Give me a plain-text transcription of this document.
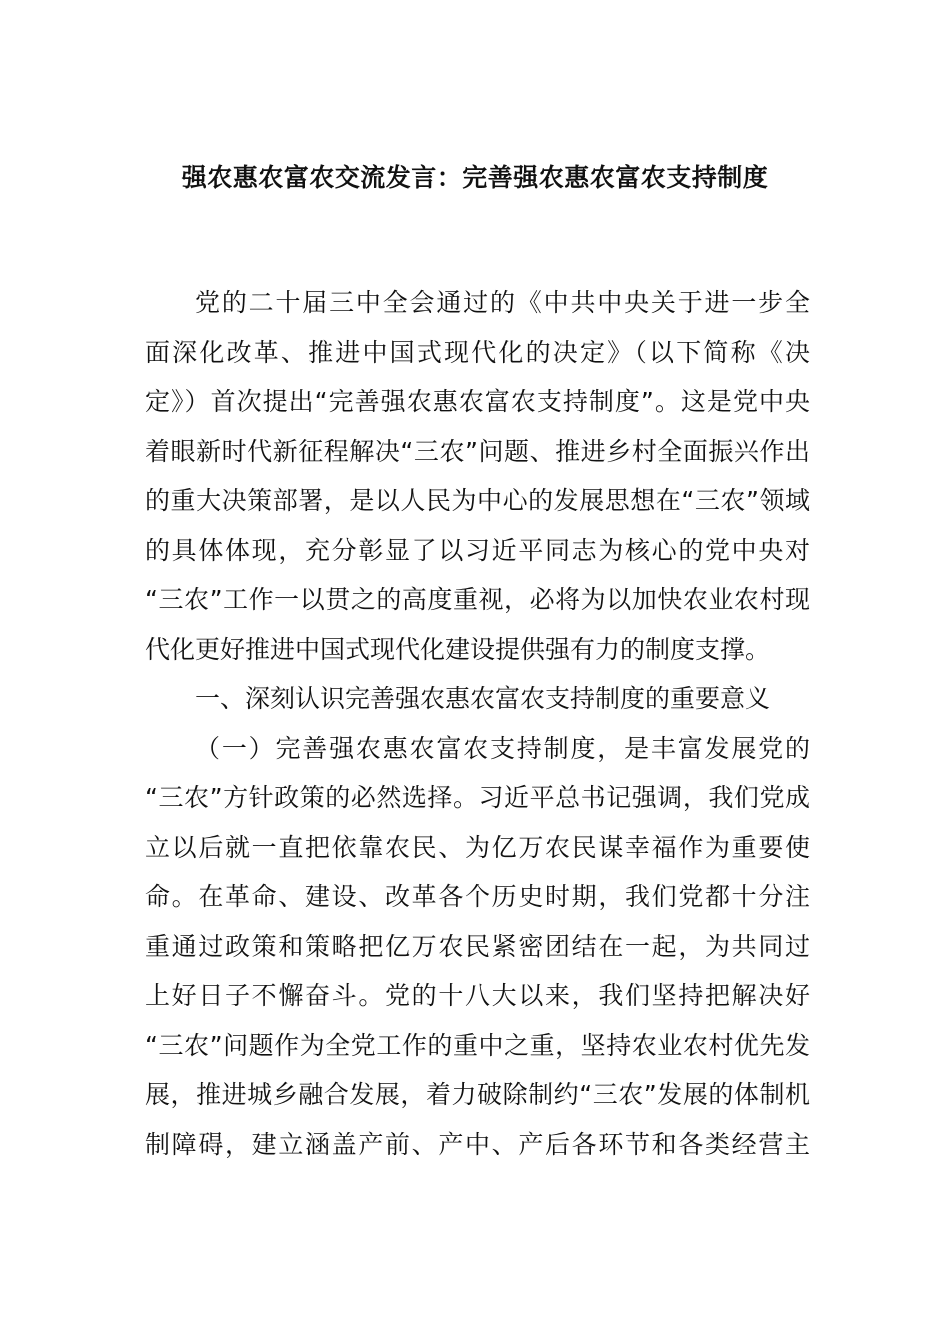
强农惠农富农交流发言：完善强农惠农富农支持制度
党的二十届三中全会通过的《中共中央关于进一步全
面深化改革、推进中国式现代化的决定》（以下简称《决
定》）首次提出“完善强农惠农富农支持制度”。这是党中央
着眼新时代新征程解决“三农”问题、推进乡村全面振兴作出
的重大决策部署，是以人民为中心的发展思想在“三农”领域
的具体体现，充分彰显了以习近平同志为核心的党中央对
“三农”工作一以贯之的高度重视，必将为以加快农业农村现
代化更好推进中国式现代化建设提供强有力的制度支撑。
一、深刻认识完善强农惠农富农支持制度的重要意义
（一）完善强农惠农富农支持制度，是丰富发展党的
“三农”方针政策的必然选择。习近平总书记强调，我们党成
立以后就一直把依靠农民、为亿万农民谋幸福作为重要使
命。在革命、建设、改革各个历史时期，我们党都十分注
重通过政策和策略把亿万农民紧密团结在一起，为共同过
上好日子不懈奋斗。党的十八大以来，我们坚持把解决好
“三农”问题作为全党工作的重中之重，坚持农业农村优先发
展，推进城乡融合发展，着力破除制约“三农”发展的体制机
制障碍，建立涵盖产前、产中、产后各环节和各类经营主
